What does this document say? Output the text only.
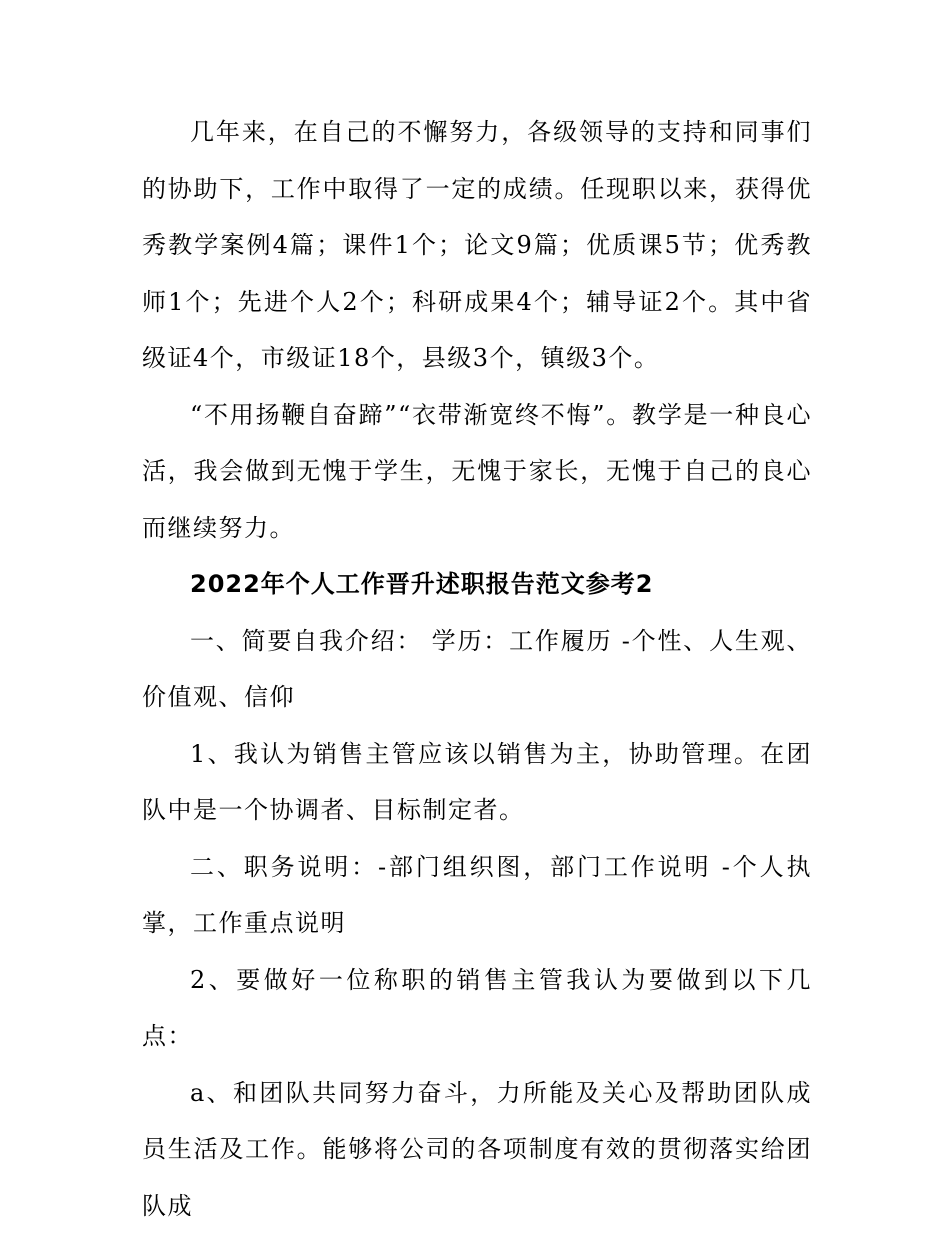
几年来，在自己的不懈努力，各级领导的支持和同事们的协助下，工作中取得了一定的成绩。任现职以来，获得优秀教学案例4篇；课件1个；论文9篇；优质课5节；优秀教师1个；先进个人2个；科研成果4个；辅导证2个。其中省级证4个，市级证18个，县级3个，镇级3个。

“不用扬鞭自奋蹄”“衣带渐宽终不悔”。教学是一种良心活，我会做到无愧于学生，无愧于家长，无愧于自己的良心而继续努力。

2022年个人工作晋升述职报告范文参考2

一、简要自我介绍： 学历：工作履历 -个性、人生观、价值观、信仰

1、我认为销售主管应该以销售为主，协助管理。在团队中是一个协调者、目标制定者。

二、职务说明：-部门组织图，部门工作说明 -个人执掌，工作重点说明

2、要做好一位称职的销售主管我认为要做到以下几点：

a、和团队共同努力奋斗，力所能及关心及帮助团队成员生活及工作。能够将公司的各项制度有效的贯彻落实给团队成
